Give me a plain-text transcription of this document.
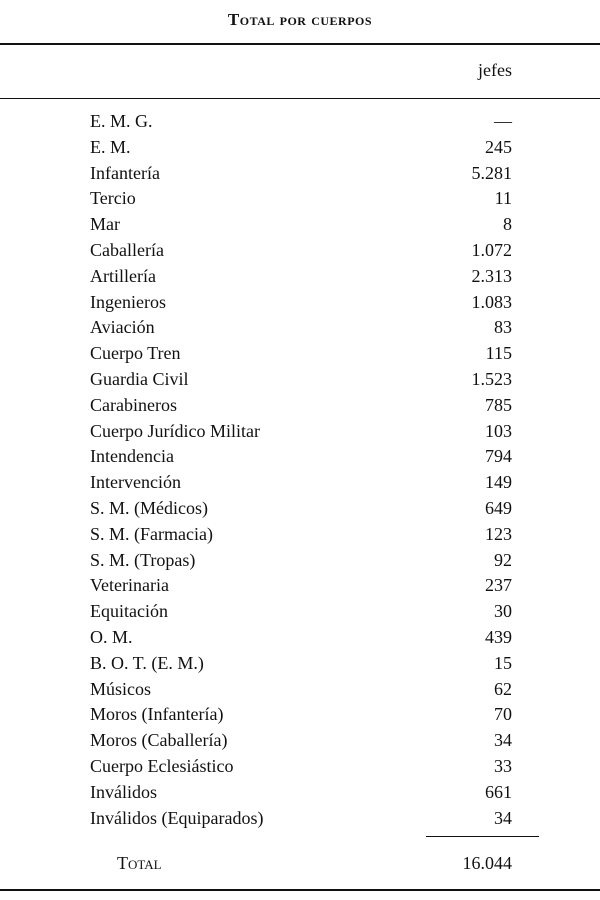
Total por cuerpos
jefes
E. M. G.	—
E. M.	245
Infantería	5.281
Tercio	11
Mar	8
Caballería	1.072
Artillería	2.313
Ingenieros	1.083
Aviación	83
Cuerpo Tren	115
Guardia Civil	1.523
Carabineros	785
Cuerpo Jurídico Militar	103
Intendencia	794
Intervención	149
S. M. (Médicos)	649
S. M. (Farmacia)	123
S. M. (Tropas)	92
Veterinaria	237
Equitación	30
O. M.	439
B. O. T. (E. M.)	15
Músicos	62
Moros (Infantería)	70
Moros (Caballería)	34
Cuerpo Eclesiástico	33
Inválidos	661
Inválidos (Equiparados)	34
Total	16.044
